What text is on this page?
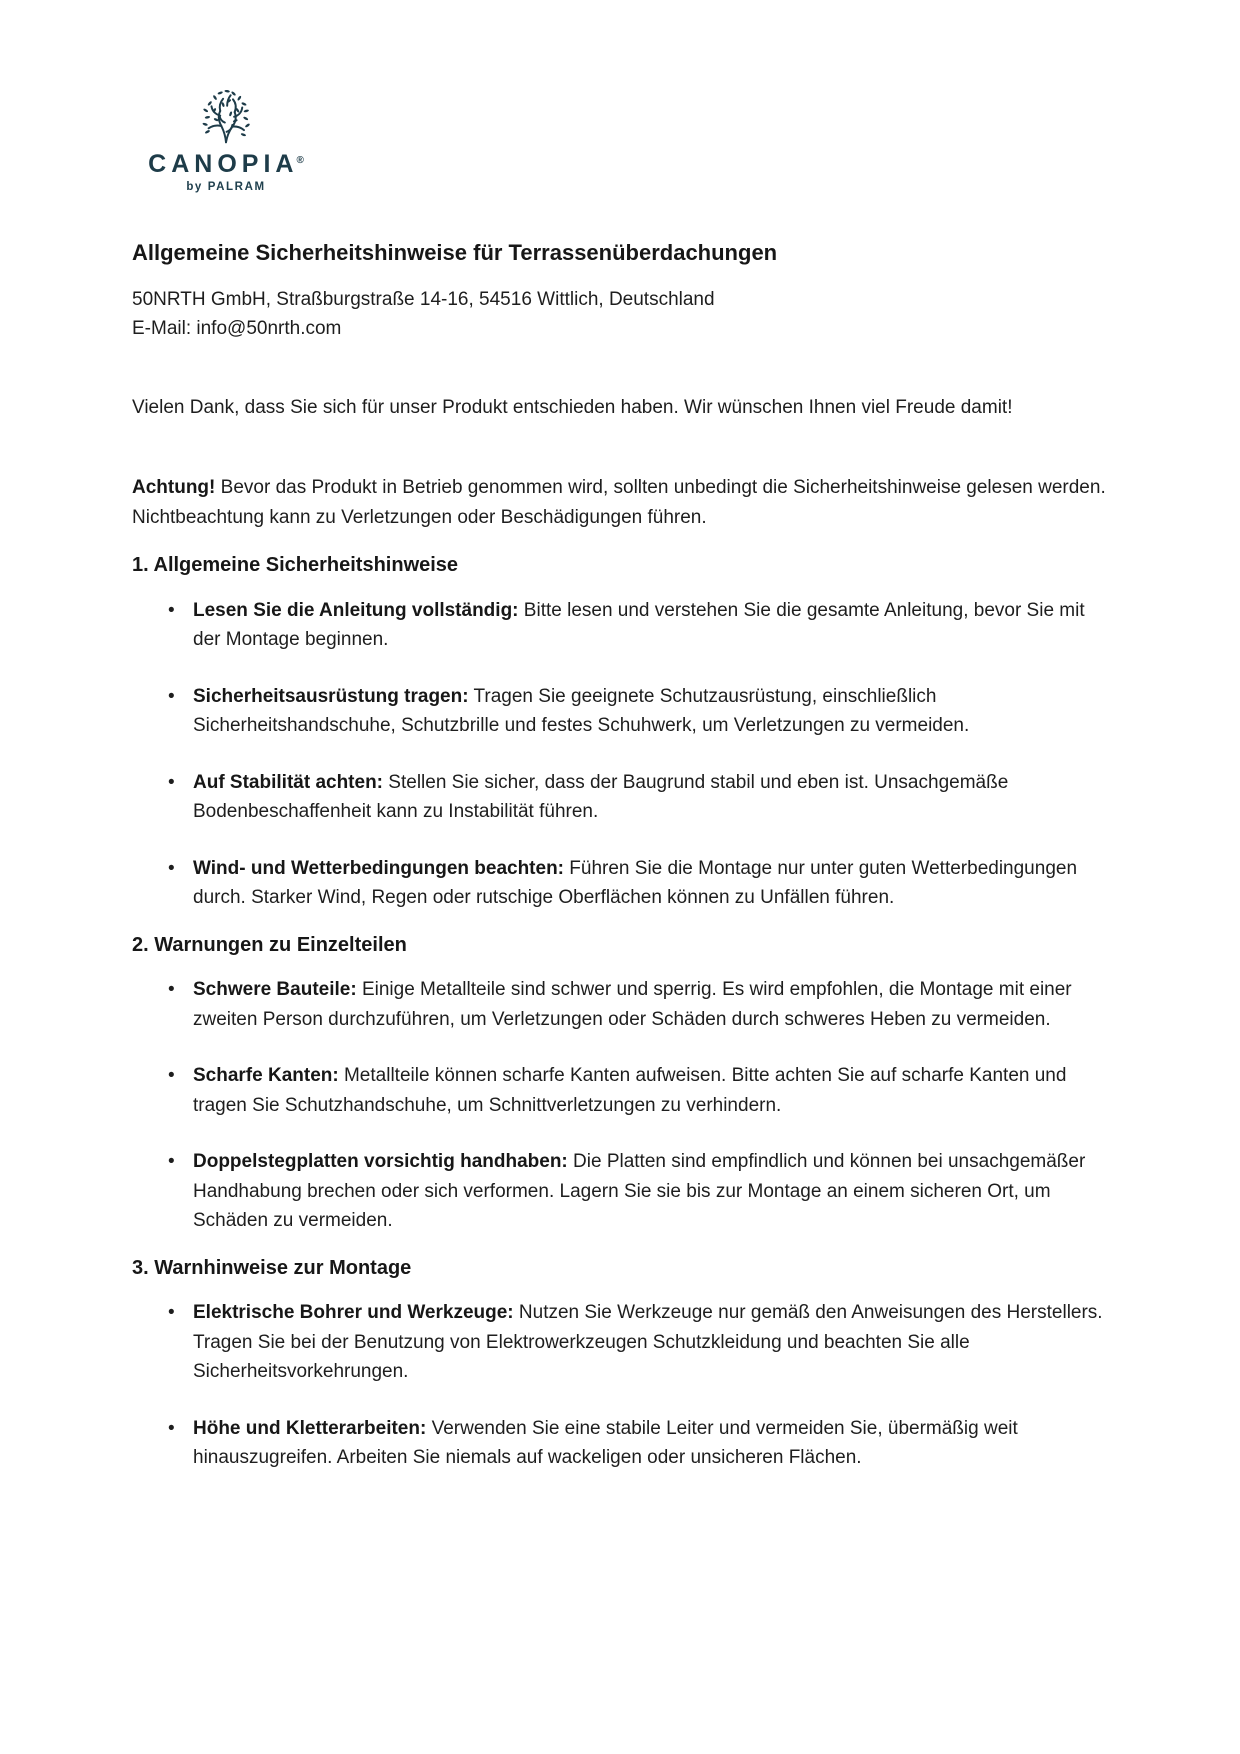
CANOPIA®
by PALRAM
Allgemeine Sicherheitshinweise für Terrassenüberdachungen
50NRTH GmbH, Straßburgstraße 14-16, 54516 Wittlich, Deutschland
E-Mail: info@50nrth.com

Vielen Dank, dass Sie sich für unser Produkt entschieden haben. Wir wünschen Ihnen viel Freude damit!

Achtung! Bevor das Produkt in Betrieb genommen wird, sollten unbedingt die Sicherheitshinweise gelesen werden. Nichtbeachtung kann zu Verletzungen oder Beschädigungen führen.

1. Allgemeine Sicherheitshinweise
• Lesen Sie die Anleitung vollständig: Bitte lesen und verstehen Sie die gesamte Anleitung, bevor Sie mit der Montage beginnen.
• Sicherheitsausrüstung tragen: Tragen Sie geeignete Schutzausrüstung, einschließlich Sicherheitshandschuhe, Schutzbrille und festes Schuhwerk, um Verletzungen zu vermeiden.
• Auf Stabilität achten: Stellen Sie sicher, dass der Baugrund stabil und eben ist. Unsachgemäße Bodenbeschaffenheit kann zu Instabilität führen.
• Wind- und Wetterbedingungen beachten: Führen Sie die Montage nur unter guten Wetterbedingungen durch. Starker Wind, Regen oder rutschige Oberflächen können zu Unfällen führen.
2. Warnungen zu Einzelteilen
• Schwere Bauteile: Einige Metallteile sind schwer und sperrig. Es wird empfohlen, die Montage mit einer zweiten Person durchzuführen, um Verletzungen oder Schäden durch schweres Heben zu vermeiden.
• Scharfe Kanten: Metallteile können scharfe Kanten aufweisen. Bitte achten Sie auf scharfe Kanten und tragen Sie Schutzhandschuhe, um Schnittverletzungen zu verhindern.
• Doppelstegplatten vorsichtig handhaben: Die Platten sind empfindlich und können bei unsachgemäßer Handhabung brechen oder sich verformen. Lagern Sie sie bis zur Montage an einem sicheren Ort, um Schäden zu vermeiden.
3. Warnhinweise zur Montage
• Elektrische Bohrer und Werkzeuge: Nutzen Sie Werkzeuge nur gemäß den Anweisungen des Herstellers. Tragen Sie bei der Benutzung von Elektrowerkzeugen Schutzkleidung und beachten Sie alle Sicherheitsvorkehrungen.
• Höhe und Kletterarbeiten: Verwenden Sie eine stabile Leiter und vermeiden Sie, übermäßig weit hinauszugreifen. Arbeiten Sie niemals auf wackeligen oder unsicheren Flächen.
